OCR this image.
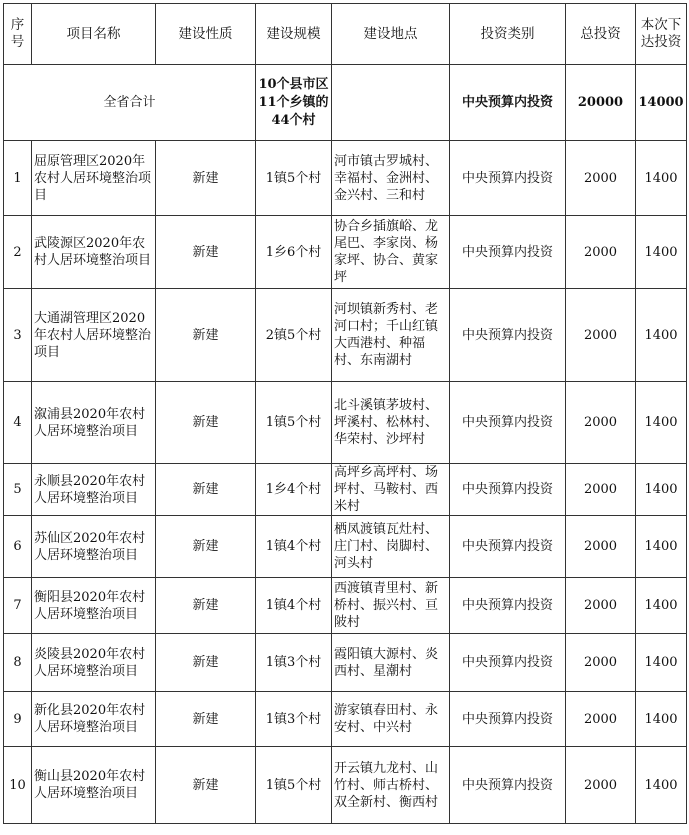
序号	项目名称	建设性质	建设规模	建设地点	投资类别	总投资	本次下达投资
全省合计			10个县市区11个乡镇的44个村		中央预算内投资	20000	14000
1	屈原管理区2020年农村人居环境整治项目	新建	1镇5个村	河市镇古罗城村、幸福村、金洲村、金兴村、三和村	中央预算内投资	2000	1400
2	武陵源区2020年农村人居环境整治项目	新建	1乡6个村	协合乡插旗峪、龙尾巴、李家岗、杨家坪、协合、黄家坪	中央预算内投资	2000	1400
3	大通湖管理区2020年农村人居环境整治项目	新建	2镇5个村	河坝镇新秀村、老河口村；千山红镇大西港村、种福村、东南湖村	中央预算内投资	2000	1400
4	溆浦县2020年农村人居环境整治项目	新建	1镇5个村	北斗溪镇茅坡村、坪溪村、松林村、华荣村、沙坪村	中央预算内投资	2000	1400
5	永顺县2020年农村人居环境整治项目	新建	1乡4个村	高坪乡高坪村、场坪村、马鞍村、西米村	中央预算内投资	2000	1400
6	苏仙区2020年农村人居环境整治项目	新建	1镇4个村	栖凤渡镇瓦灶村、庄门村、岗脚村、河头村	中央预算内投资	2000	1400
7	衡阳县2020年农村人居环境整治项目	新建	1镇4个村	西渡镇青里村、新桥村、振兴村、亘陂村	中央预算内投资	2000	1400
8	炎陵县2020年农村人居环境整治项目	新建	1镇3个村	霞阳镇大源村、炎西村、星潮村	中央预算内投资	2000	1400
9	新化县2020年农村人居环境整治项目	新建	1镇3个村	游家镇春田村、永安村、中兴村	中央预算内投资	2000	1400
10	衡山县2020年农村人居环境整治项目	新建	1镇5个村	开云镇九龙村、山竹村、师古桥村、双全新村、衡西村	中央预算内投资	2000	1400
